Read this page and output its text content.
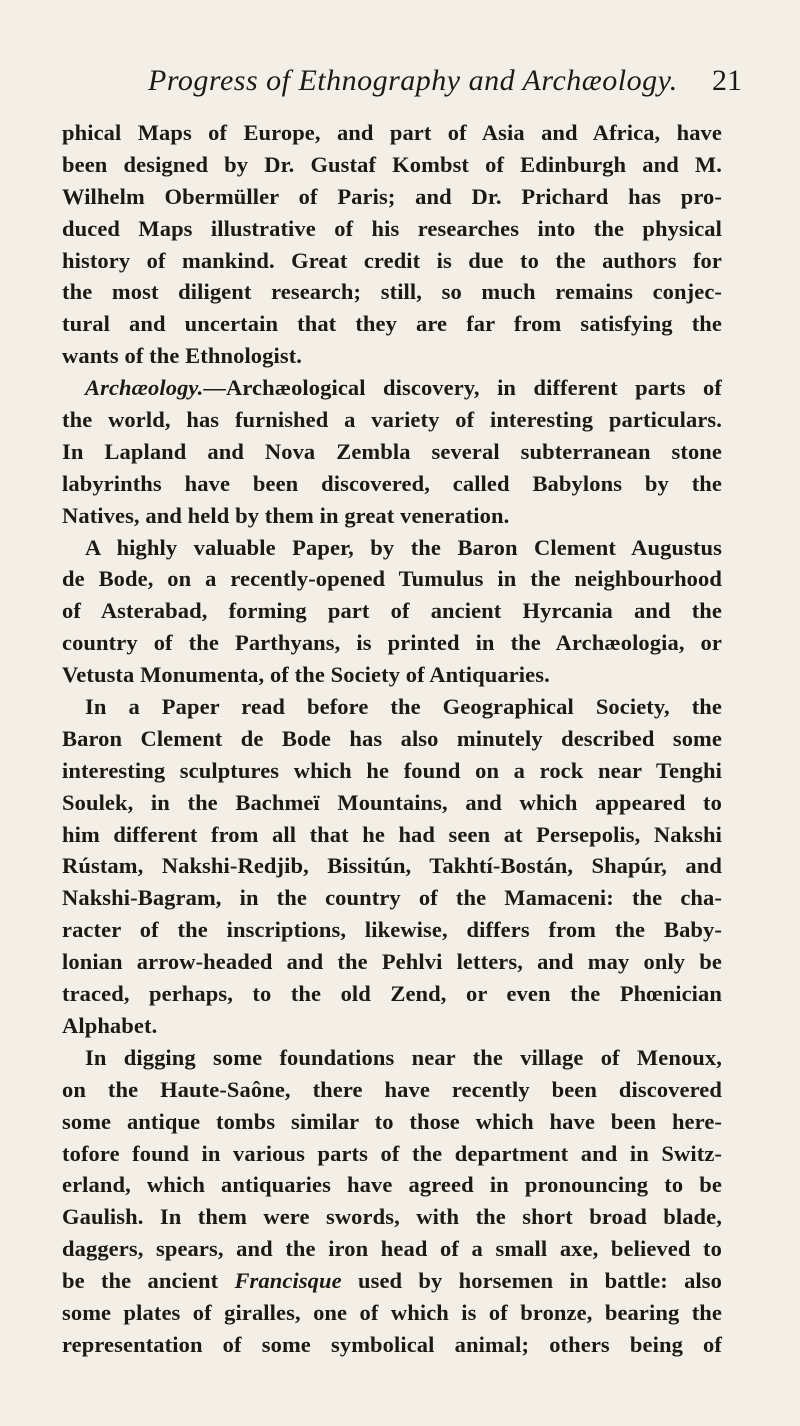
Progress of Ethnography and Archæology. 21
phical Maps of Europe, and part of Asia and Africa, have
been designed by Dr. Gustaf Kombst of Edinburgh and M.
Wilhelm Obermüller of Paris; and Dr. Prichard has pro-
duced Maps illustrative of his researches into the physical
history of mankind. Great credit is due to the authors for
the most diligent research; still, so much remains conjec-
tural and uncertain that they are far from satisfying the
wants of the Ethnologist.
Archæology.—Archæological discovery, in different parts of
the world, has furnished a variety of interesting particulars.
In Lapland and Nova Zembla several subterranean stone
labyrinths have been discovered, called Babylons by the
Natives, and held by them in great veneration.
A highly valuable Paper, by the Baron Clement Augustus
de Bode, on a recently-opened Tumulus in the neighbourhood
of Asterabad, forming part of ancient Hyrcania and the
country of the Parthyans, is printed in the Archæologia, or
Vetusta Monumenta, of the Society of Antiquaries.
In a Paper read before the Geographical Society, the
Baron Clement de Bode has also minutely described some
interesting sculptures which he found on a rock near Tenghi
Soulek, in the Bachmeï Mountains, and which appeared to
him different from all that he had seen at Persepolis, Nakshi
Rústam, Nakshi-Redjib, Bissitún, Takhtí-Bostán, Shapúr, and
Nakshi-Bagram, in the country of the Mamaceni: the cha-
racter of the inscriptions, likewise, differs from the Baby-
lonian arrow-headed and the Pehlvi letters, and may only be
traced, perhaps, to the old Zend, or even the Phœnician
Alphabet.
In digging some foundations near the village of Menoux,
on the Haute-Saône, there have recently been discovered
some antique tombs similar to those which have been here-
tofore found in various parts of the department and in Switz-
erland, which antiquaries have agreed in pronouncing to be
Gaulish. In them were swords, with the short broad blade,
daggers, spears, and the iron head of a small axe, believed to
be the ancient Francisque used by horsemen in battle: also
some plates of giralles, one of which is of bronze, bearing the
representation of some symbolical animal; others being of
